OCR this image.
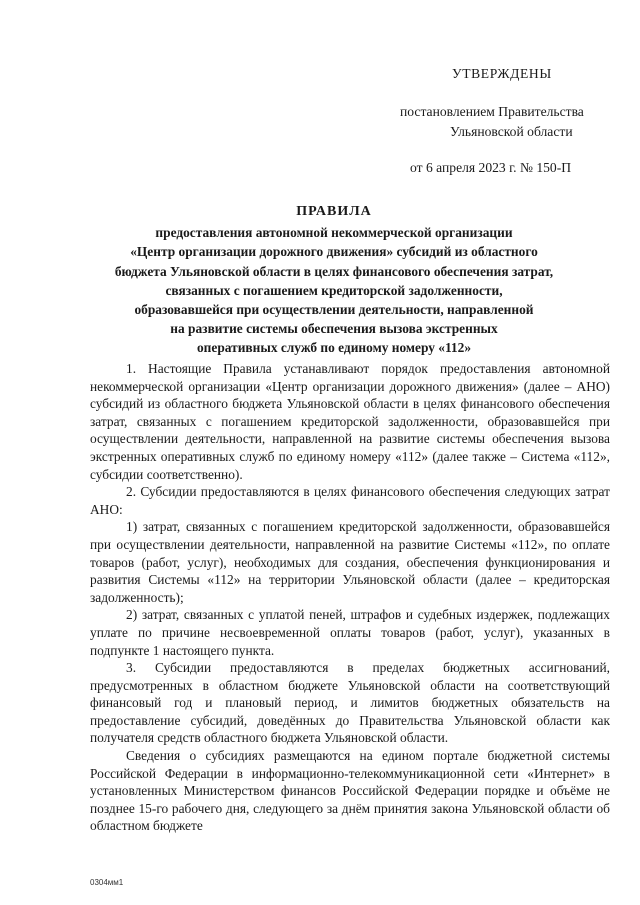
УТВЕРЖДЕНЫ
постановлением Правительства
Ульяновской области
от 6 апреля 2023 г. № 150-П
ПРАВИЛА
предоставления автономной некоммерческой организации
«Центр организации дорожного движения» субсидий из областного
бюджета Ульяновской области в целях финансового обеспечения затрат,
связанных с погашением кредиторской задолженности,
образовавшейся при осуществлении деятельности, направленной
на развитие системы обеспечения вызова экстренных
оперативных служб по единому номеру «112»

1. Настоящие Правила устанавливают порядок предоставления автономной некоммерческой организации «Центр организации дорожного движения» (далее – АНО) субсидий из областного бюджета Ульяновской области в целях финансового обеспечения затрат, связанных с погашением кредиторской задолженности, образовавшейся при осуществлении деятельности, направленной на развитие системы обеспечения вызова экстренных оперативных служб по единому номеру «112» (далее также – Система «112», субсидии соответственно).

2. Субсидии предоставляются в целях финансового обеспечения следующих затрат АНО:

1) затрат, связанных с погашением кредиторской задолженности, образовавшейся при осуществлении деятельности, направленной на развитие Системы «112», по оплате товаров (работ, услуг), необходимых для создания, обеспечения функционирования и развития Системы «112» на территории Ульяновской области (далее – кредиторская задолженность);

2) затрат, связанных с уплатой пеней, штрафов и судебных издержек, подлежащих уплате по причине несвоевременной оплаты товаров (работ, услуг), указанных в подпункте 1 настоящего пункта.

3. Субсидии предоставляются в пределах бюджетных ассигнований, предусмотренных в областном бюджете Ульяновской области на соответствующий финансовый год и плановый период, и лимитов бюджетных обязательств на предоставление субсидий, доведённых до Правительства Ульяновской области как получателя средств областного бюджета Ульяновской области.

Сведения о субсидиях размещаются на едином портале бюджетной системы Российской Федерации в информационно-телекоммуникационной сети «Интернет» в установленных Министерством финансов Российской Федерации порядке и объёме не позднее 15-го рабочего дня, следующего за днём принятия закона Ульяновской области об областном бюджете

0304мм1
